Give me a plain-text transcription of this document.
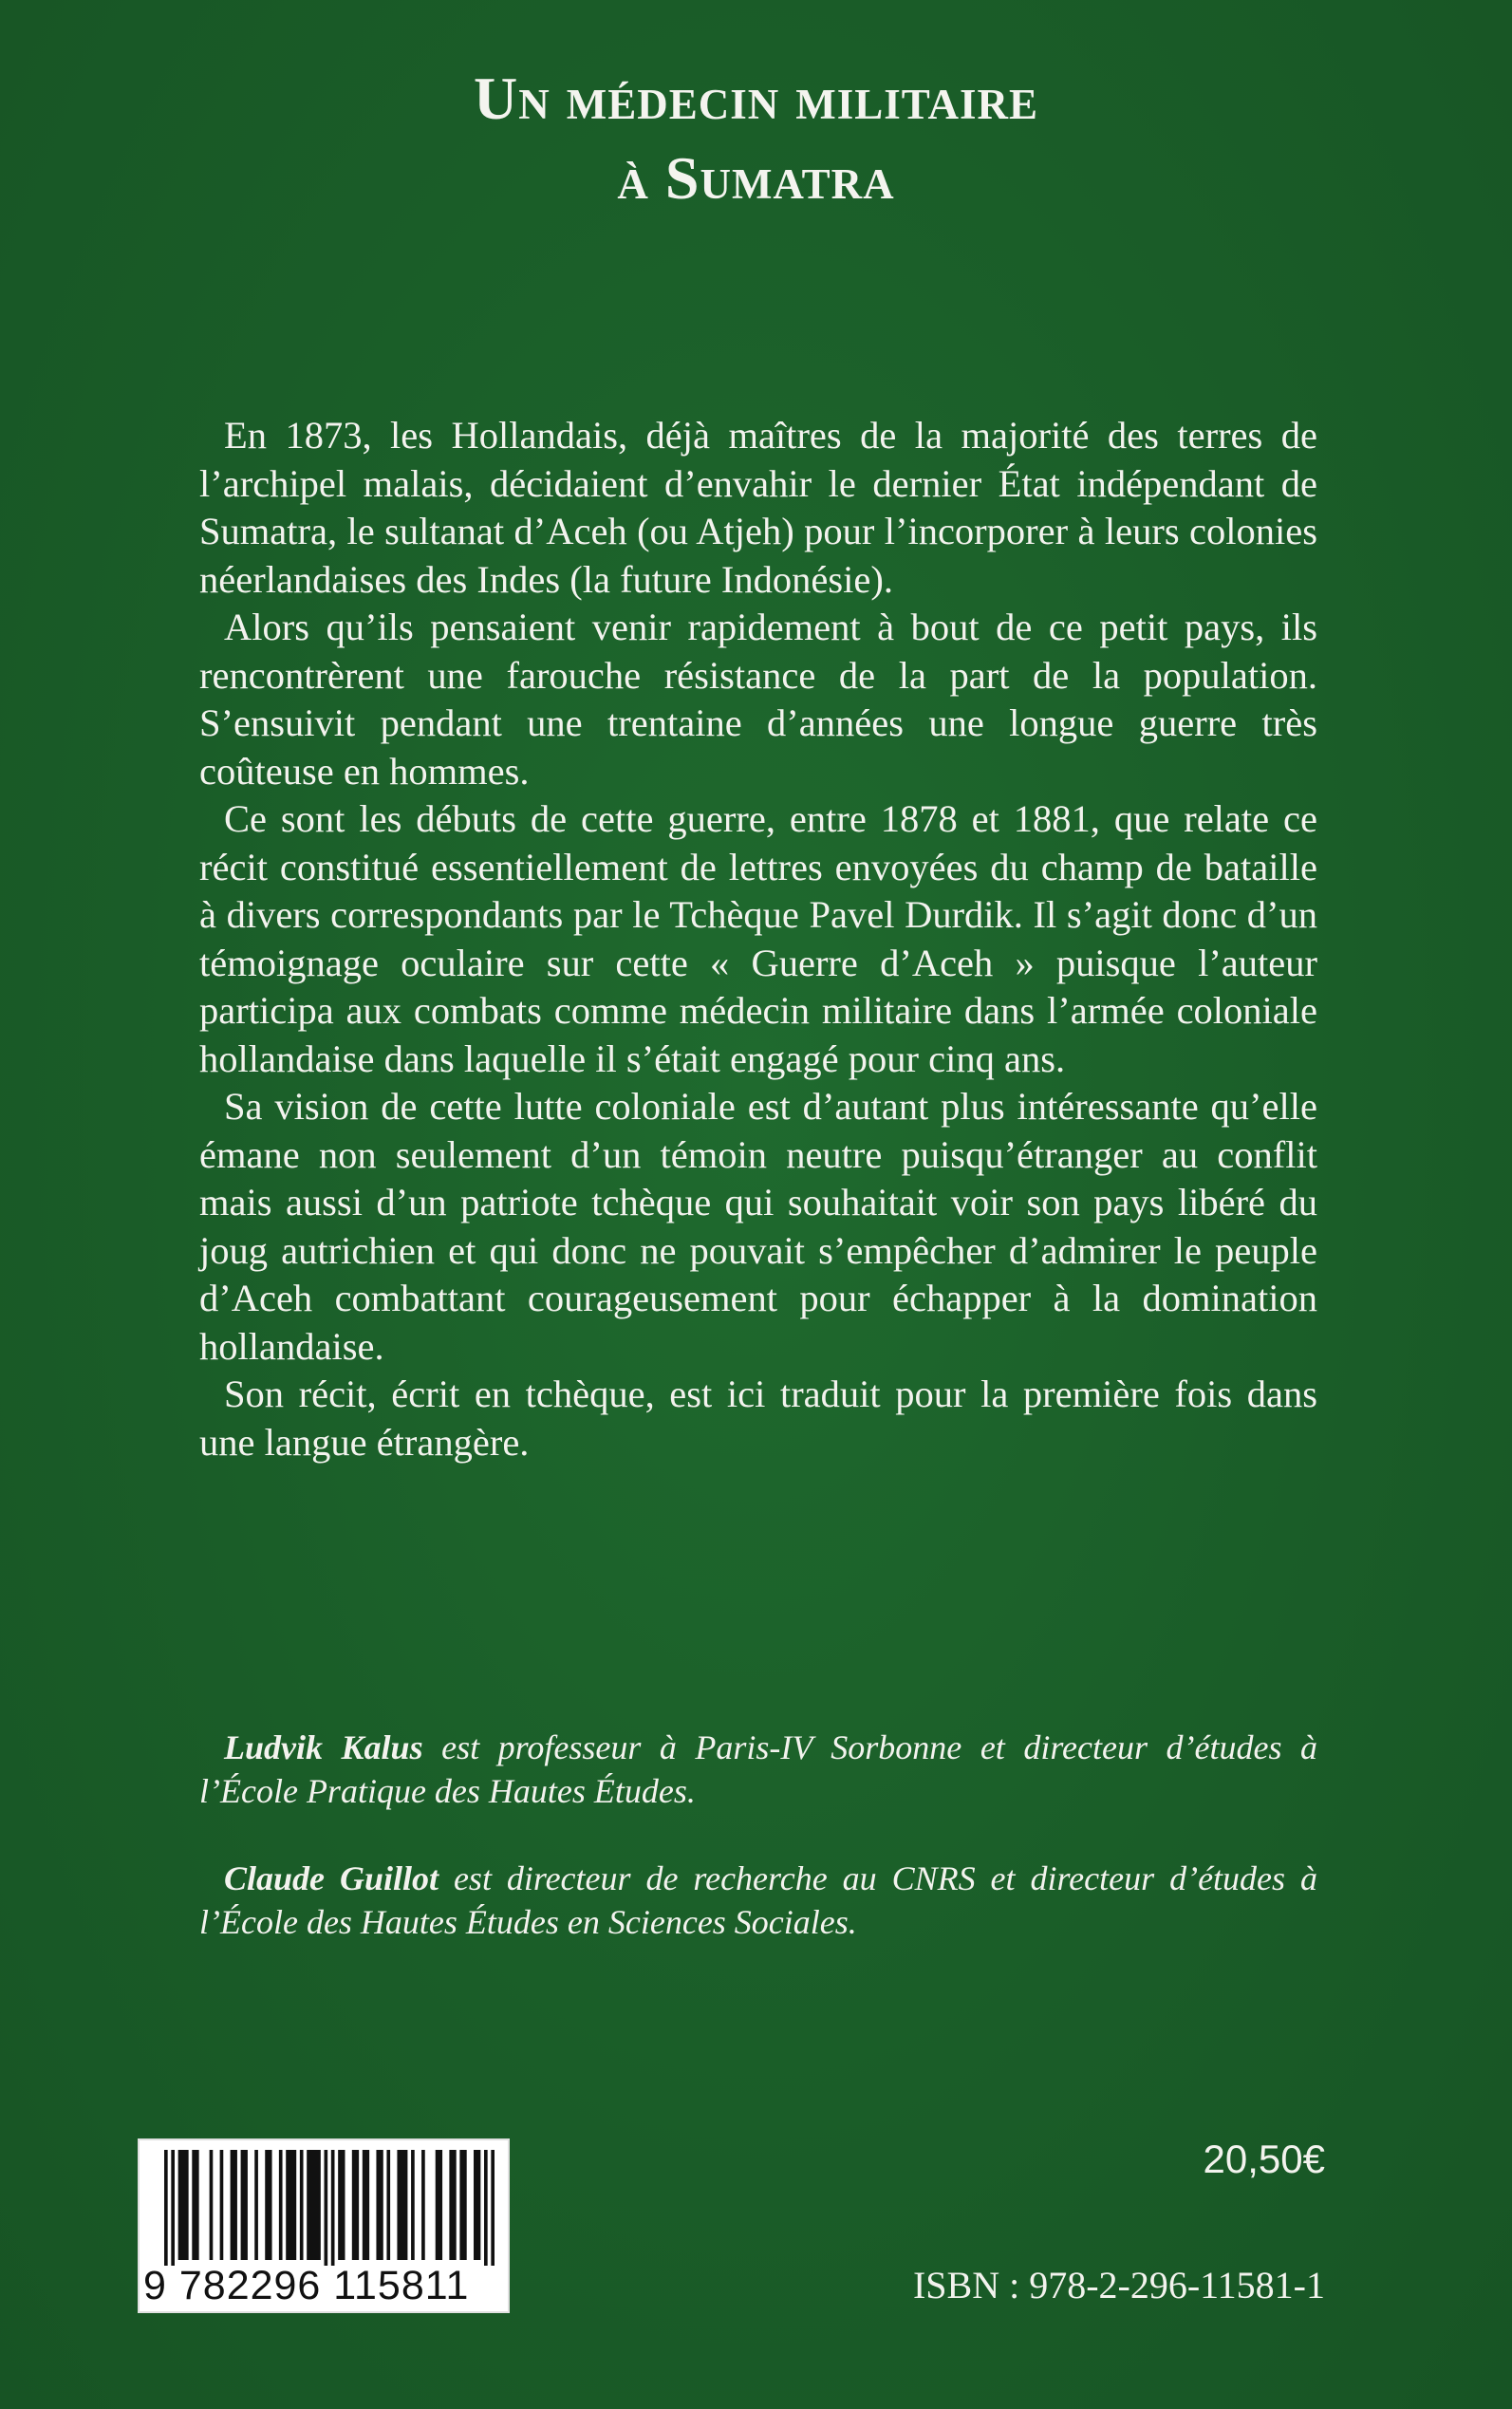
Un médecin militaire
à Sumatra

En 1873, les Hollandais, déjà maîtres de la majorité des terres de l’archipel malais, décidaient d’envahir le dernier État indépendant de Sumatra, le sultanat d’Aceh (ou Atjeh) pour l’incorporer à leurs colonies néerlandaises des Indes (la future Indonésie).

Alors qu’ils pensaient venir rapidement à bout de ce petit pays, ils rencontrèrent une farouche résistance de la part de la population. S’ensuivit pendant une trentaine d’années une longue guerre très coûteuse en hommes.

Ce sont les débuts de cette guerre, entre 1878 et 1881, que relate ce récit constitué essentiellement de lettres envoyées du champ de bataille à divers correspondants par le Tchèque Pavel Durdik. Il s’agit donc d’un témoignage oculaire sur cette « Guerre d’Aceh » puisque l’auteur participa aux combats comme médecin militaire dans l’armée coloniale hollandaise dans laquelle il s’était engagé pour cinq ans.

Sa vision de cette lutte coloniale est d’autant plus intéressante qu’elle émane non seulement d’un témoin neutre puisqu’étranger au conflit mais aussi d’un patriote tchèque qui souhaitait voir son pays libéré du joug autrichien et qui donc ne pouvait s’empêcher d’admirer le peuple d’Aceh combattant courageusement pour échapper à la domination hollandaise.

Son récit, écrit en tchèque, est ici traduit pour la première fois dans une langue étrangère.

Ludvik Kalus est professeur à Paris-IV Sorbonne et directeur d’études à l’École Pratique des Hautes Études.

Claude Guillot est directeur de recherche au CNRS et directeur d’études à l’École des Hautes Études en Sciences Sociales.

9 782296 115811
20,50€
ISBN : 978-2-296-11581-1
